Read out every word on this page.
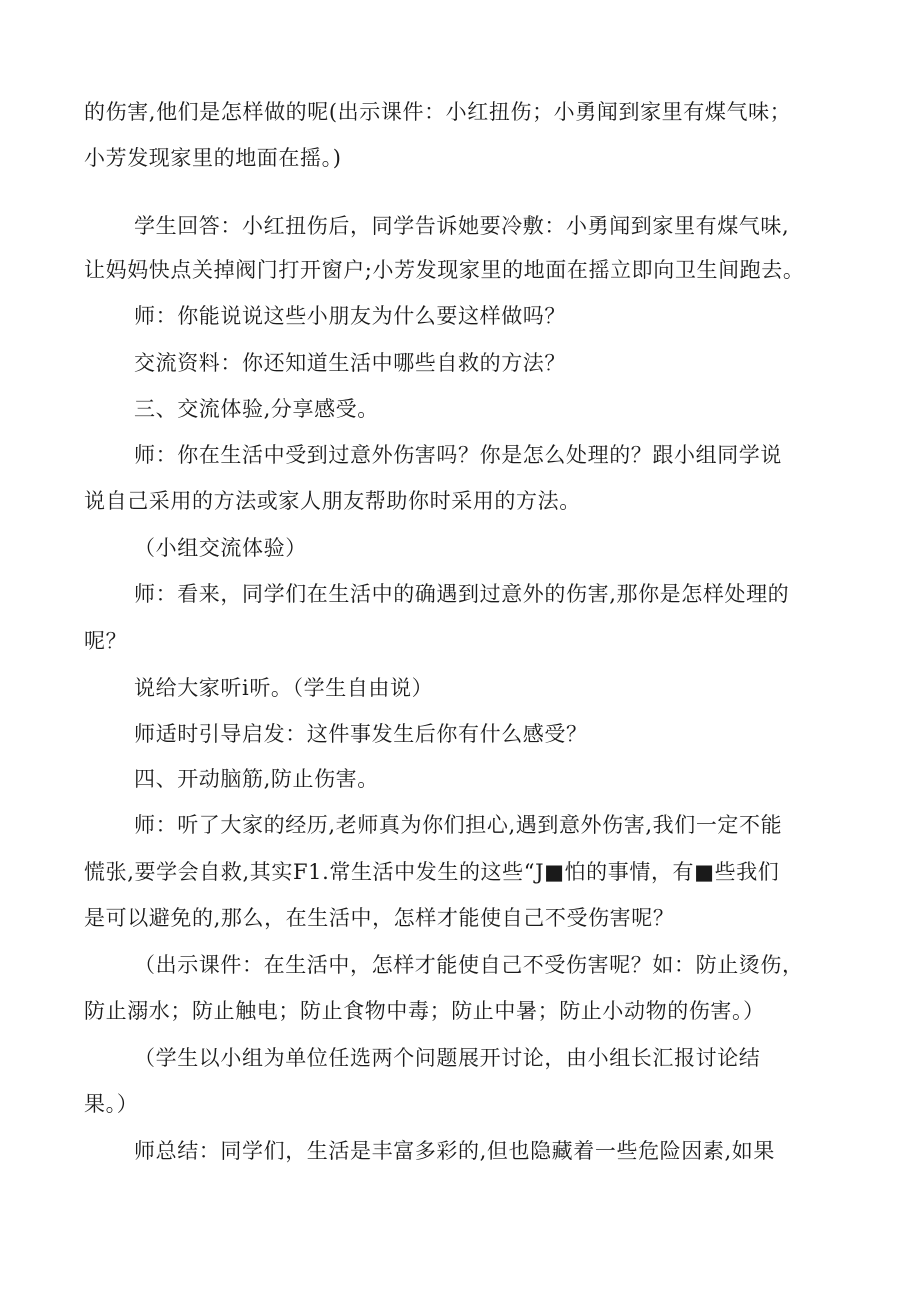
的伤害,他们是怎样做的呢(出示课件：小红扭伤；小勇闻到家里有煤气味；
小芳发现家里的地面在摇。)
学生回答：小红扭伤后，同学告诉她要冷敷：小勇闻到家里有煤气味,
让妈妈快点关掉阀门打开窗户;小芳发现家里的地面在摇立即向卫生间跑去。
师：你能说说这些小朋友为什么要这样做吗？
交流资料：你还知道生活中哪些自救的方法？
三、交流体验,分享感受。
师：你在生活中受到过意外伤害吗？你是怎么处理的？跟小组同学说
说自己采用的方法或家人朋友帮助你时采用的方法。
（小组交流体验）
师：看来，同学们在生活中的确遇到过意外的伤害,那你是怎样处理的
呢？
说给大家听i听。（学生自由说）
师适时引导启发：这件事发生后你有什么感受？
四、开动脑筋,防止伤害。
师：听了大家的经历,老师真为你们担心,遇到意外伤害,我们一定不能
慌张,要学会自救,其实F1.常生活中发生的这些“J■怕的事情，有■些我们
是可以避免的,那么，在生活中，怎样才能使自己不受伤害呢？
（出示课件：在生活中，怎样才能使自己不受伤害呢？如：防止烫伤，
防止溺水；防止触电；防止食物中毒；防止中暑；防止小动物的伤害。）
（学生以小组为单位任选两个问题展开讨论，由小组长汇报讨论结
果。）
师总结：同学们，生活是丰富多彩的,但也隐藏着一些危险因素,如果
